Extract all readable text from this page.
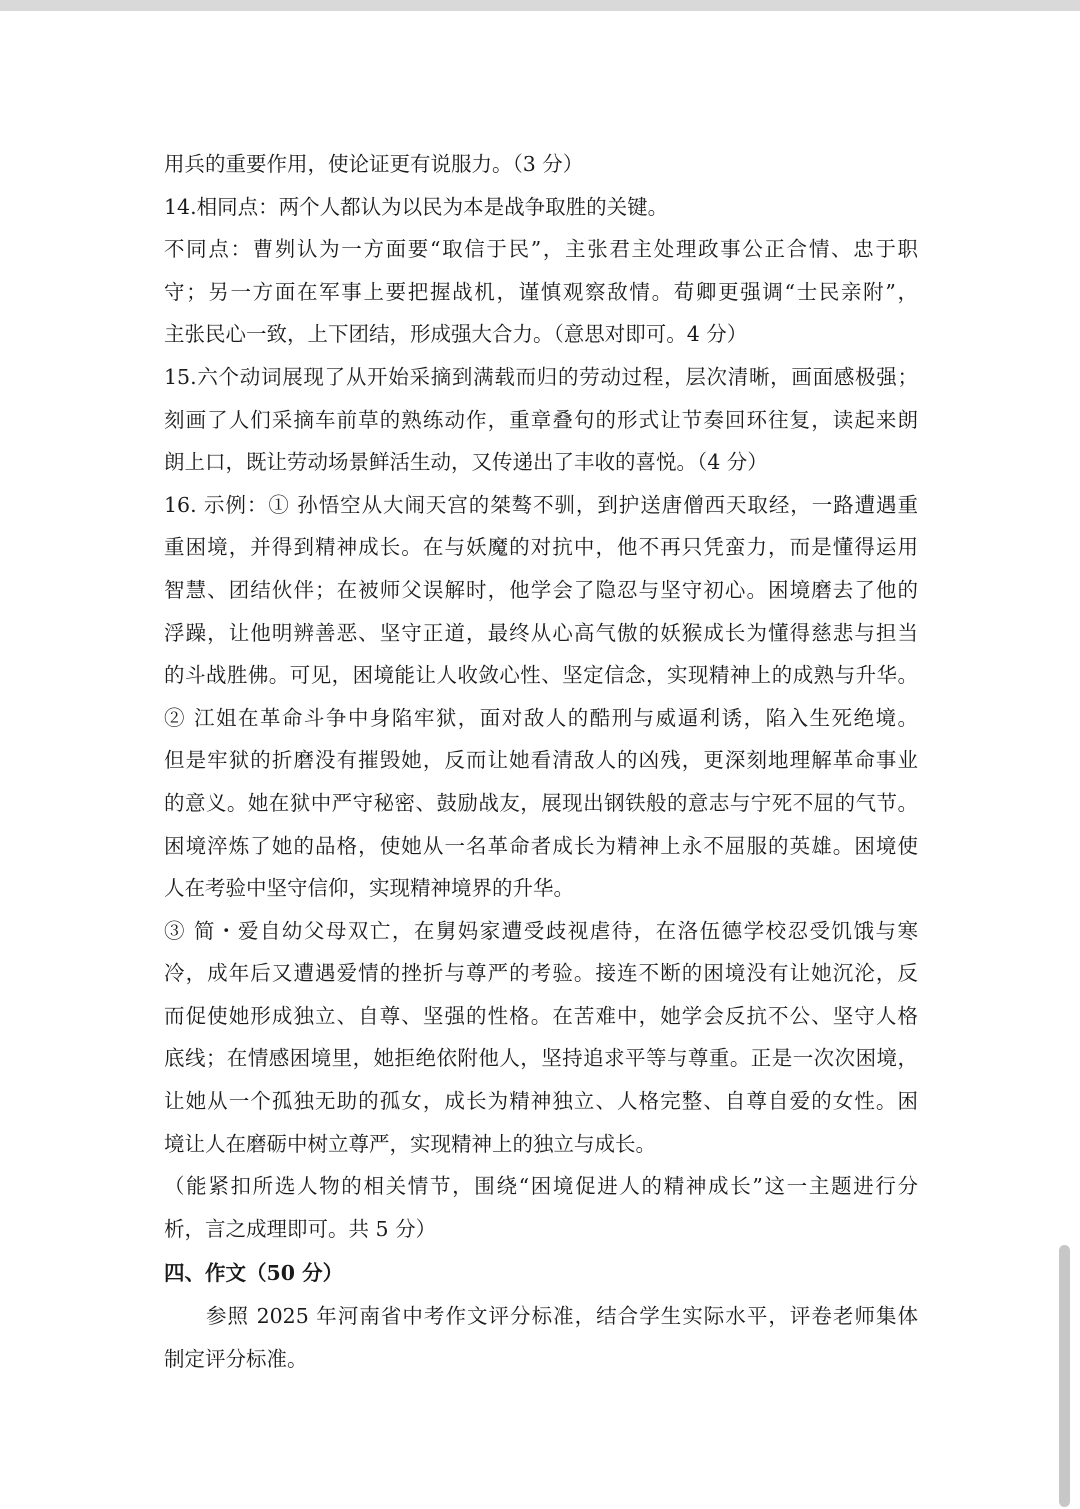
用兵的重要作用，使论证更有说服力。（3 分）
14.相同点：两个人都认为以民为本是战争取胜的关键。
不同点：曹刿认为一方面要“取信于民”，主张君主处理政事公正合情、忠于职
守；另一方面在军事上要把握战机，谨慎观察敌情。荀卿更强调“士民亲附”，
主张民心一致，上下团结，形成强大合力。（意思对即可。4 分）
15.六个动词展现了从开始采摘到满载而归的劳动过程，层次清晰，画面感极强；
刻画了人们采摘车前草的熟练动作，重章叠句的形式让节奏回环往复，读起来朗
朗上口，既让劳动场景鲜活生动，又传递出了丰收的喜悦。（4 分）
16. 示例：① 孙悟空从大闹天宫的桀骜不驯，到护送唐僧西天取经，一路遭遇重
重困境，并得到精神成长。在与妖魔的对抗中，他不再只凭蛮力，而是懂得运用
智慧、团结伙伴；在被师父误解时，他学会了隐忍与坚守初心。困境磨去了他的
浮躁，让他明辨善恶、坚守正道，最终从心高气傲的妖猴成长为懂得慈悲与担当
的斗战胜佛。可见，困境能让人收敛心性、坚定信念，实现精神上的成熟与升华。
② 江姐在革命斗争中身陷牢狱，面对敌人的酷刑与威逼利诱，陷入生死绝境。
但是牢狱的折磨没有摧毁她，反而让她看清敌人的凶残，更深刻地理解革命事业
的意义。她在狱中严守秘密、鼓励战友，展现出钢铁般的意志与宁死不屈的气节。
困境淬炼了她的品格，使她从一名革命者成长为精神上永不屈服的英雄。困境使
人在考验中坚守信仰，实现精神境界的升华。
③ 简・爱自幼父母双亡，在舅妈家遭受歧视虐待，在洛伍德学校忍受饥饿与寒
冷，成年后又遭遇爱情的挫折与尊严的考验。接连不断的困境没有让她沉沦，反
而促使她形成独立、自尊、坚强的性格。在苦难中，她学会反抗不公、坚守人格
底线；在情感困境里，她拒绝依附他人，坚持追求平等与尊重。正是一次次困境，
让她从一个孤独无助的孤女，成长为精神独立、人格完整、自尊自爱的女性。困
境让人在磨砺中树立尊严，实现精神上的独立与成长。
（能紧扣所选人物的相关情节，围绕“困境促进人的精神成长”这一主题进行分
析，言之成理即可。共 5 分）
四、作文（50 分）
参照 2025 年河南省中考作文评分标准，结合学生实际水平，评卷老师集体
制定评分标准。
